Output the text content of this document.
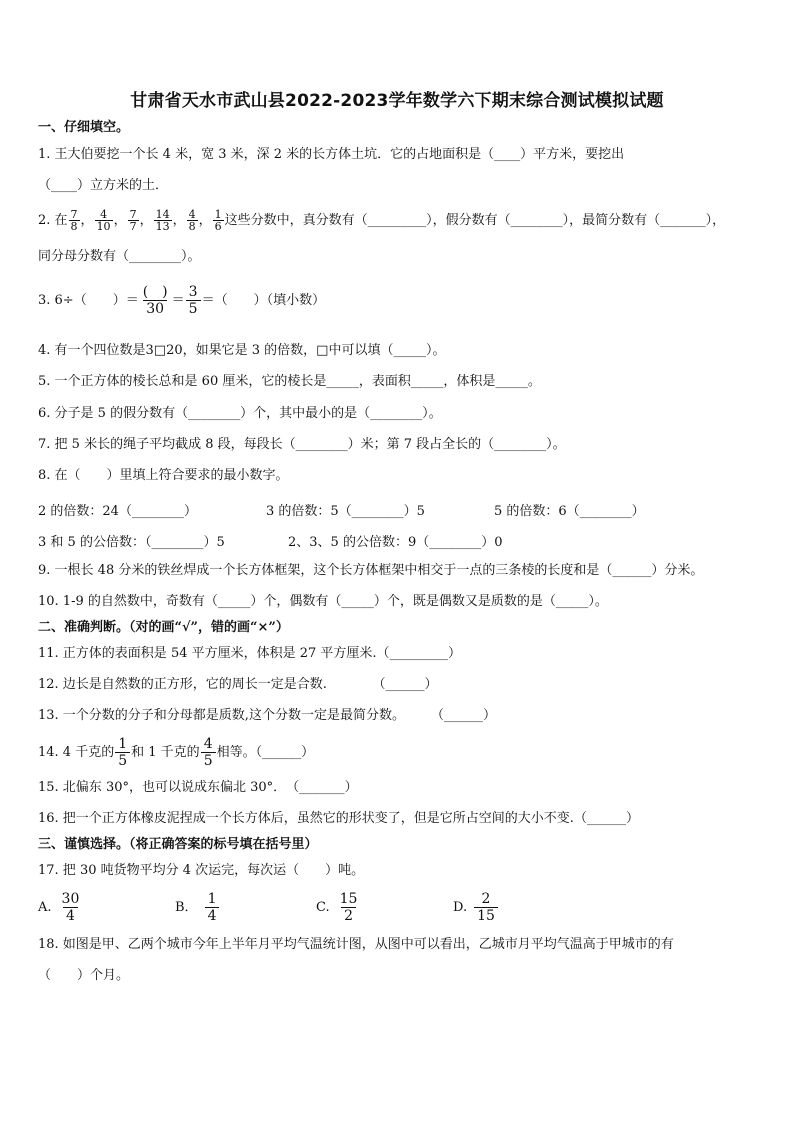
甘肃省天水市武山县2022-2023学年数学六下期末综合测试模拟试题
一、仔细填空。
1. 王大伯要挖一个长 4 米，宽 3 米，深 2 米的长方体土坑．它的占地面积是（____）平方米，要挖出
（____）立方米的土．
2. 在 $\frac{7}{8}$ ， $\frac{4}{10}$ ， $\frac{7}{7}$ ， $\frac{14}{13}$ ， $\frac{4}{8}$ ， $\frac{1}{6}$ 这些分数中，真分数有（_________），假分数有（________），最简分数有（_______），
同分母分数有（________）。
3. 6÷（　　）＝ $\frac{( )}{30} = \frac{3}{5}$ ＝（　　）（填小数）
4. 有一个四位数是3□20，如果它是 3 的倍数，□中可以填（_____）。
5. 一个正方体的棱长总和是 60 厘米，它的棱长是_____，表面积_____，体积是_____。
6. 分子是 5 的假分数有（________）个，其中最小的是（________）。
7. 把 5 米长的绳子平均截成 8 段，每段长（________）米；第 7 段占全长的（________）。
8. 在（　　）里填上符合要求的最小数字。
2 的倍数：24（________）	3 的倍数：5（________）5	5 的倍数：6（________）
3 和 5 的公倍数：（________）5	2、3、5 的公倍数：9（________）0
9. 一根长 48 分米的铁丝焊成一个长方体框架，这个长方体框架中相交于一点的三条棱的长度和是（______）分米。
10. 1-9 的自然数中，奇数有（_____）个，偶数有（_____）个，既是偶数又是质数的是（_____）。
二、准确判断。（对的画“√”，错的画“×”）
11. 正方体的表面积是 54 平方厘米，体积是 27 平方厘米.（_________）
12. 边长是自然数的正方形，它的周长一定是合数.　　　　（______）
13. 一个分数的分子和分母都是质数,这个分数一定是最简分数。　　　（______）
14. 4 千克的 $\frac{1}{5}$ 和 1 千克的 $\frac{4}{5}$ 相等。（______）
15. 北偏东 30°，也可以说成东偏北 30°．　（_______）
16. 把一个正方体橡皮泥捏成一个长方体后，虽然它的形状变了，但是它所占空间的大小不变.（______）
三、谨慎选择。（将正确答案的标号填在括号里）
17. 把 30 吨货物平均分 4 次运完，每次运（　　）吨。
A. $\frac{30}{4}$	B． $\frac{1}{4}$	C. $\frac{15}{2}$	D. $\frac{2}{15}$
18. 如图是甲、乙两个城市今年上半年月平均气温统计图，从图中可以看出，乙城市月平均气温高于甲城市的有
（　　）个月。
